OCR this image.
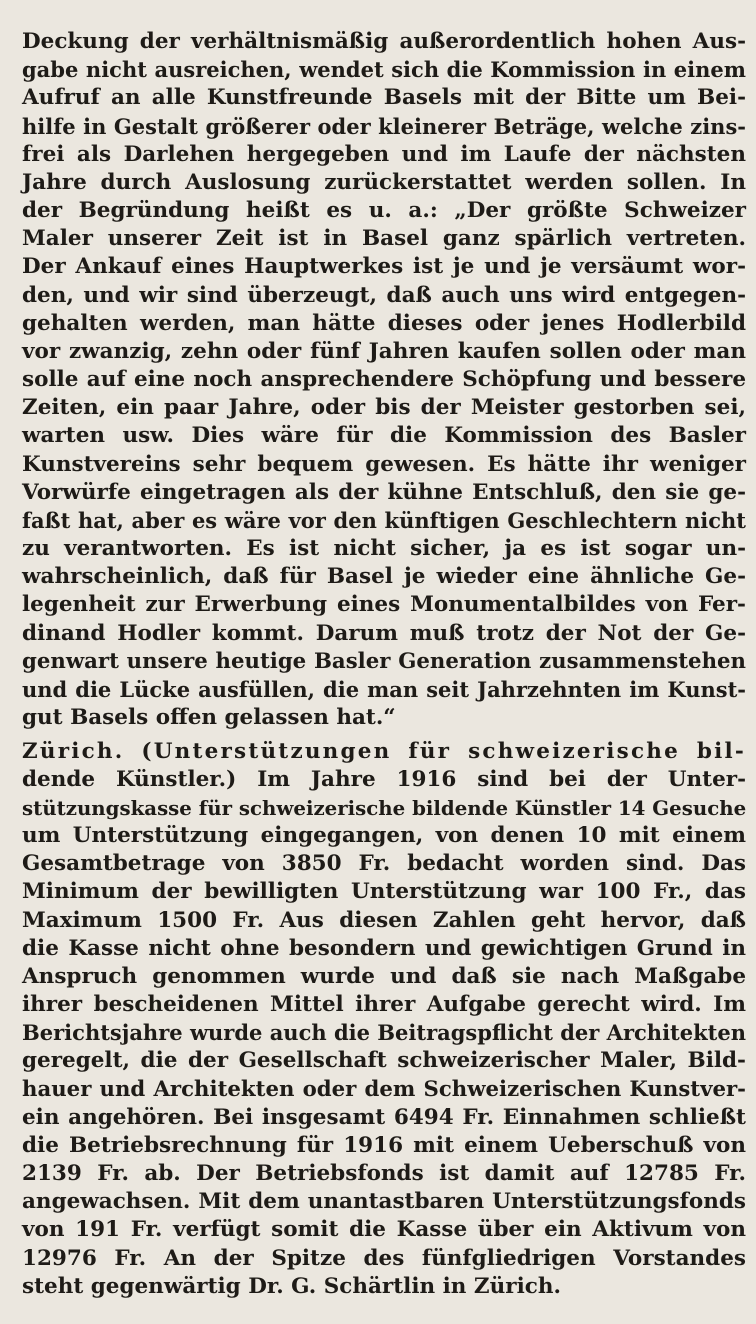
Deckung der verhältnismäßig außerordentlich hohen Aus-
gabe nicht ausreichen, wendet sich die Kommission in einem
Aufruf an alle Kunstfreunde Basels mit der Bitte um Bei-
hilfe in Gestalt größerer oder kleinerer Beträge, welche zins-
frei als Darlehen hergegeben und im Laufe der nächsten
Jahre durch Auslosung zurückerstattet werden sollen. In
der Begründung heißt es u. a.: „Der größte Schweizer
Maler unserer Zeit ist in Basel ganz spärlich vertreten.
Der Ankauf eines Hauptwerkes ist je und je versäumt wor-
den, und wir sind überzeugt, daß auch uns wird entgegen-
gehalten werden, man hätte dieses oder jenes Hodlerbild
vor zwanzig, zehn oder fünf Jahren kaufen sollen oder man
solle auf eine noch ansprechendere Schöpfung und bessere
Zeiten, ein paar Jahre, oder bis der Meister gestorben sei,
warten usw. Dies wäre für die Kommission des Basler
Kunstvereins sehr bequem gewesen. Es hätte ihr weniger
Vorwürfe eingetragen als der kühne Entschluß, den sie ge-
faßt hat, aber es wäre vor den künftigen Geschlechtern nicht
zu verantworten. Es ist nicht sicher, ja es ist sogar un-
wahrscheinlich, daß für Basel je wieder eine ähnliche Ge-
legenheit zur Erwerbung eines Monumentalbildes von Fer-
dinand Hodler kommt. Darum muß trotz der Not der Ge-
genwart unsere heutige Basler Generation zusammenstehen
und die Lücke ausfüllen, die man seit Jahrzehnten im Kunst-
gut Basels offen gelassen hat.“
Zürich. (Unterstützungen für schweizerische bil-
dende Künstler.) Im Jahre 1916 sind bei der Unter-
stützungskasse für schweizerische bildende Künstler 14 Gesuche
um Unterstützung eingegangen, von denen 10 mit einem
Gesamtbetrage von 3850 Fr. bedacht worden sind. Das
Minimum der bewilligten Unterstützung war 100 Fr., das
Maximum 1500 Fr. Aus diesen Zahlen geht hervor, daß
die Kasse nicht ohne besondern und gewichtigen Grund in
Anspruch genommen wurde und daß sie nach Maßgabe
ihrer bescheidenen Mittel ihrer Aufgabe gerecht wird. Im
Berichtsjahre wurde auch die Beitragspflicht der Architekten
geregelt, die der Gesellschaft schweizerischer Maler, Bild-
hauer und Architekten oder dem Schweizerischen Kunstver-
ein angehören. Bei insgesamt 6494 Fr. Einnahmen schließt
die Betriebsrechnung für 1916 mit einem Ueberschuß von
2139 Fr. ab. Der Betriebsfonds ist damit auf 12785 Fr.
angewachsen. Mit dem unantastbaren Unterstützungsfonds
von 191 Fr. verfügt somit die Kasse über ein Aktivum von
12976 Fr. An der Spitze des fünfgliedrigen Vorstandes
steht gegenwärtig Dr. G. Schärtlin in Zürich.
